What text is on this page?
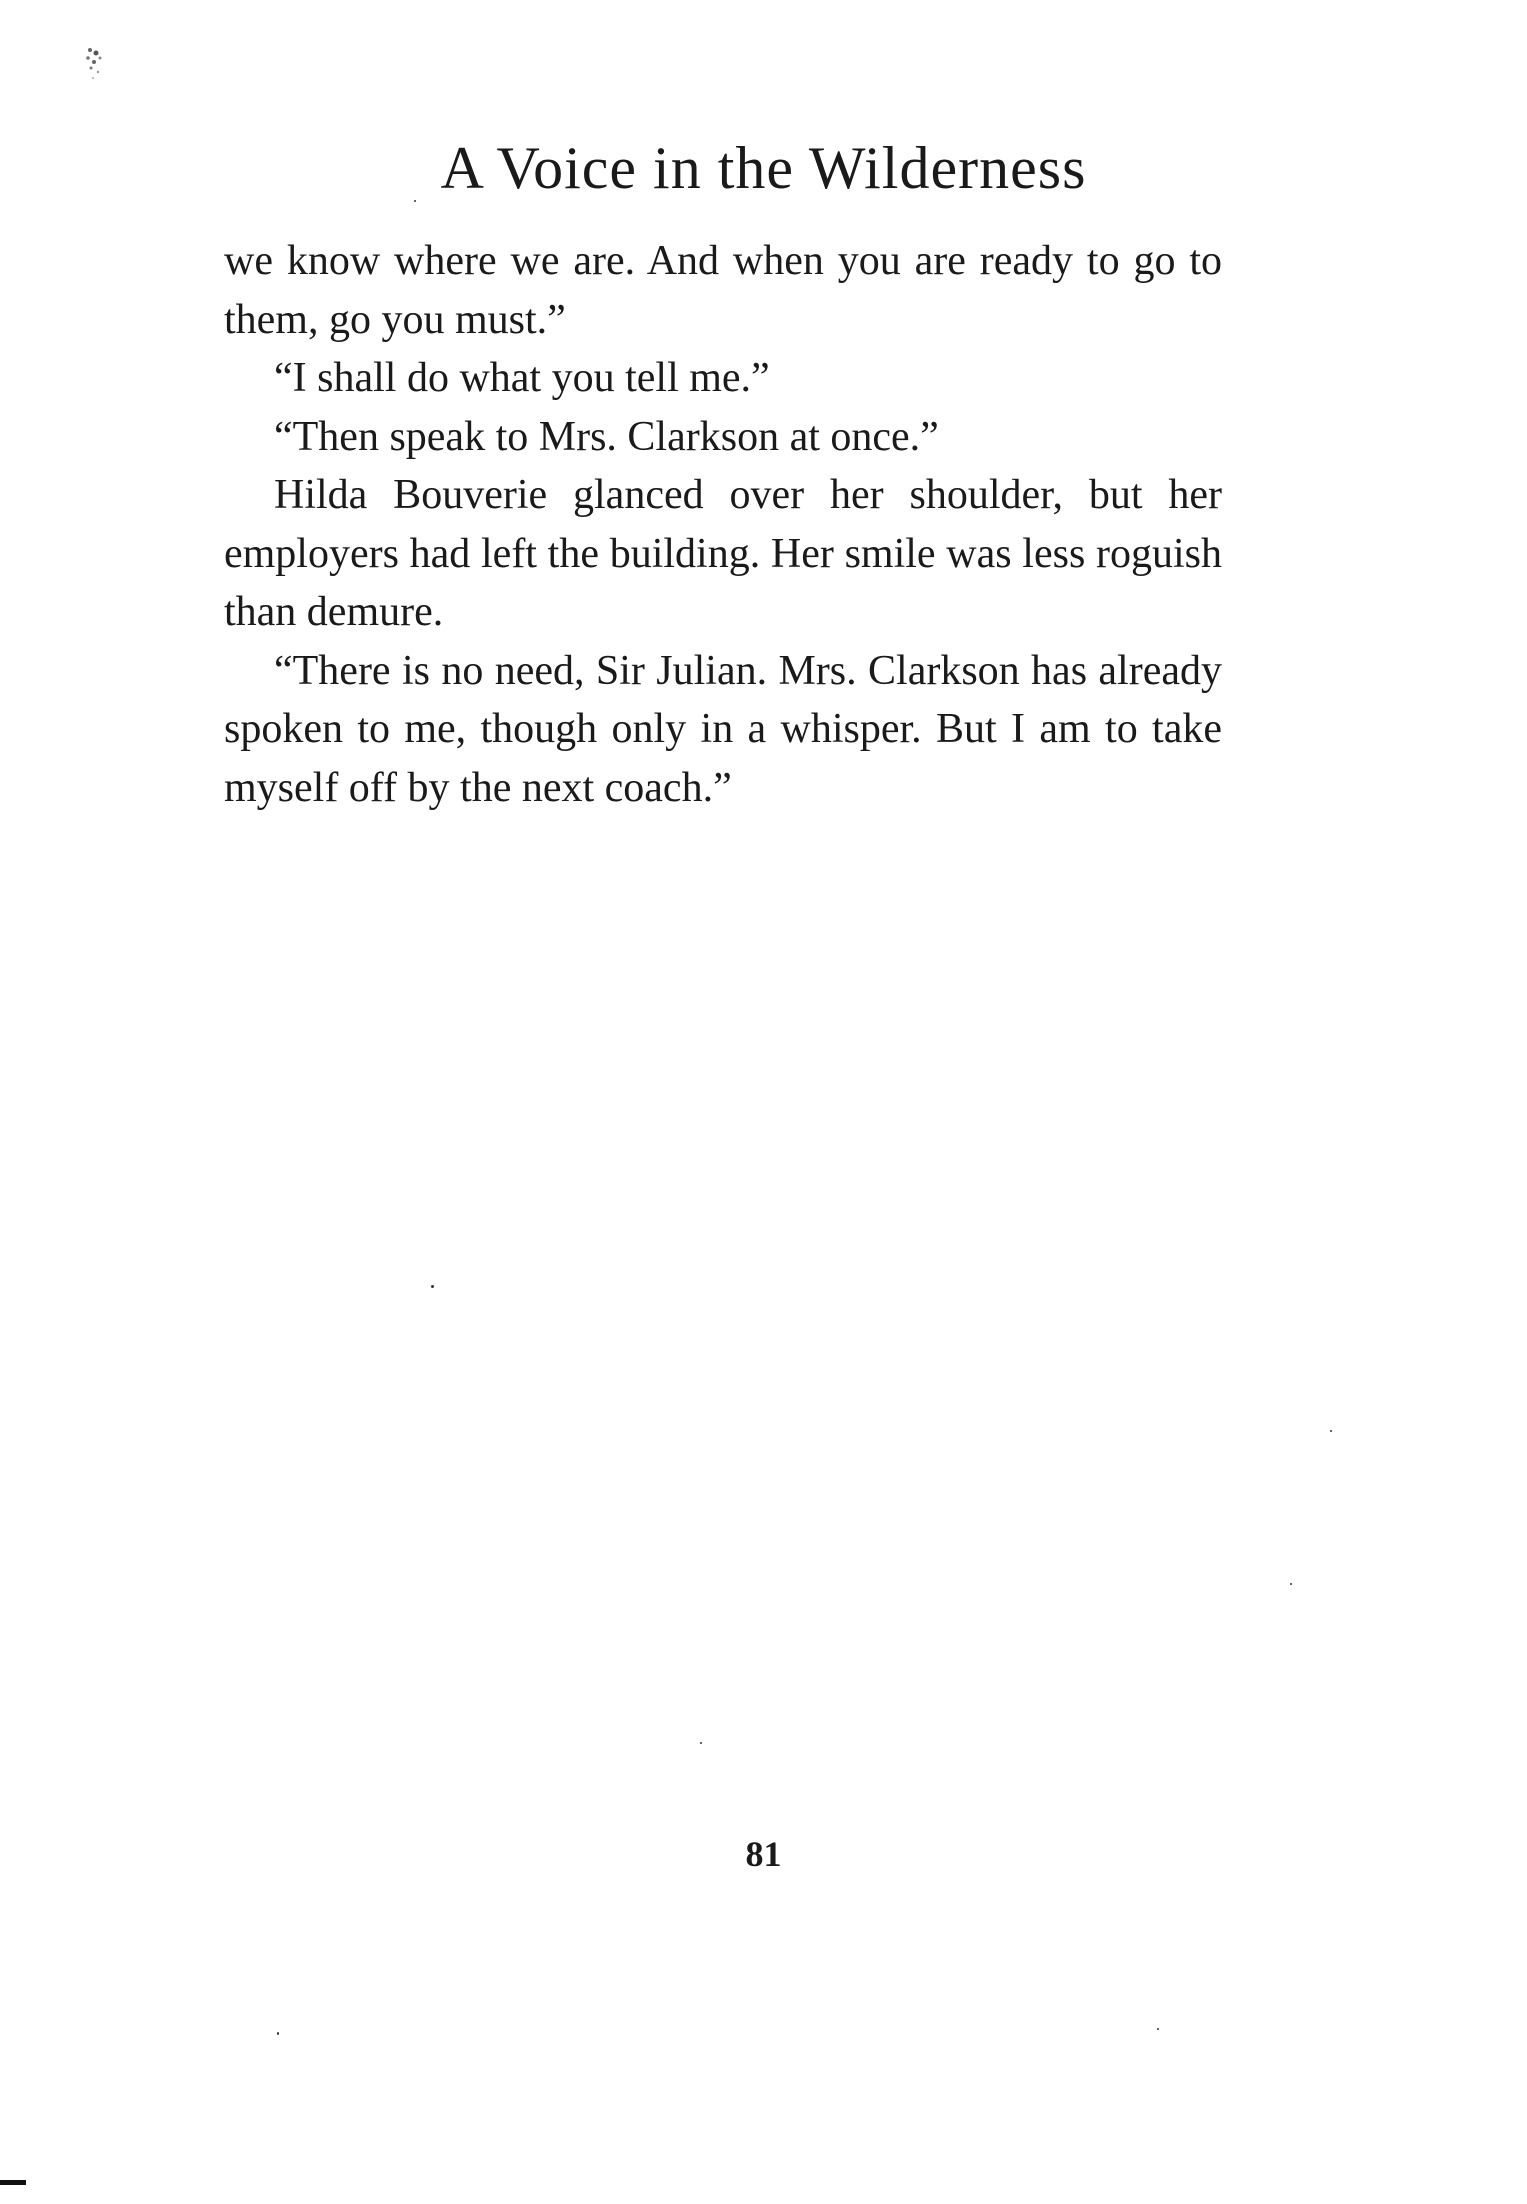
A Voice in the Wilderness

we know where we are. And when you are ready to go to them, go you must.”

“I shall do what you tell me.”

“Then speak to Mrs. Clarkson at once.”

Hilda Bouverie glanced over her shoulder, but her employers had left the building. Her smile was less roguish than demure.

“There is no need, Sir Julian. Mrs. Clarkson has already spoken to me, though only in a whisper. But I am to take myself off by the next coach.”

81
